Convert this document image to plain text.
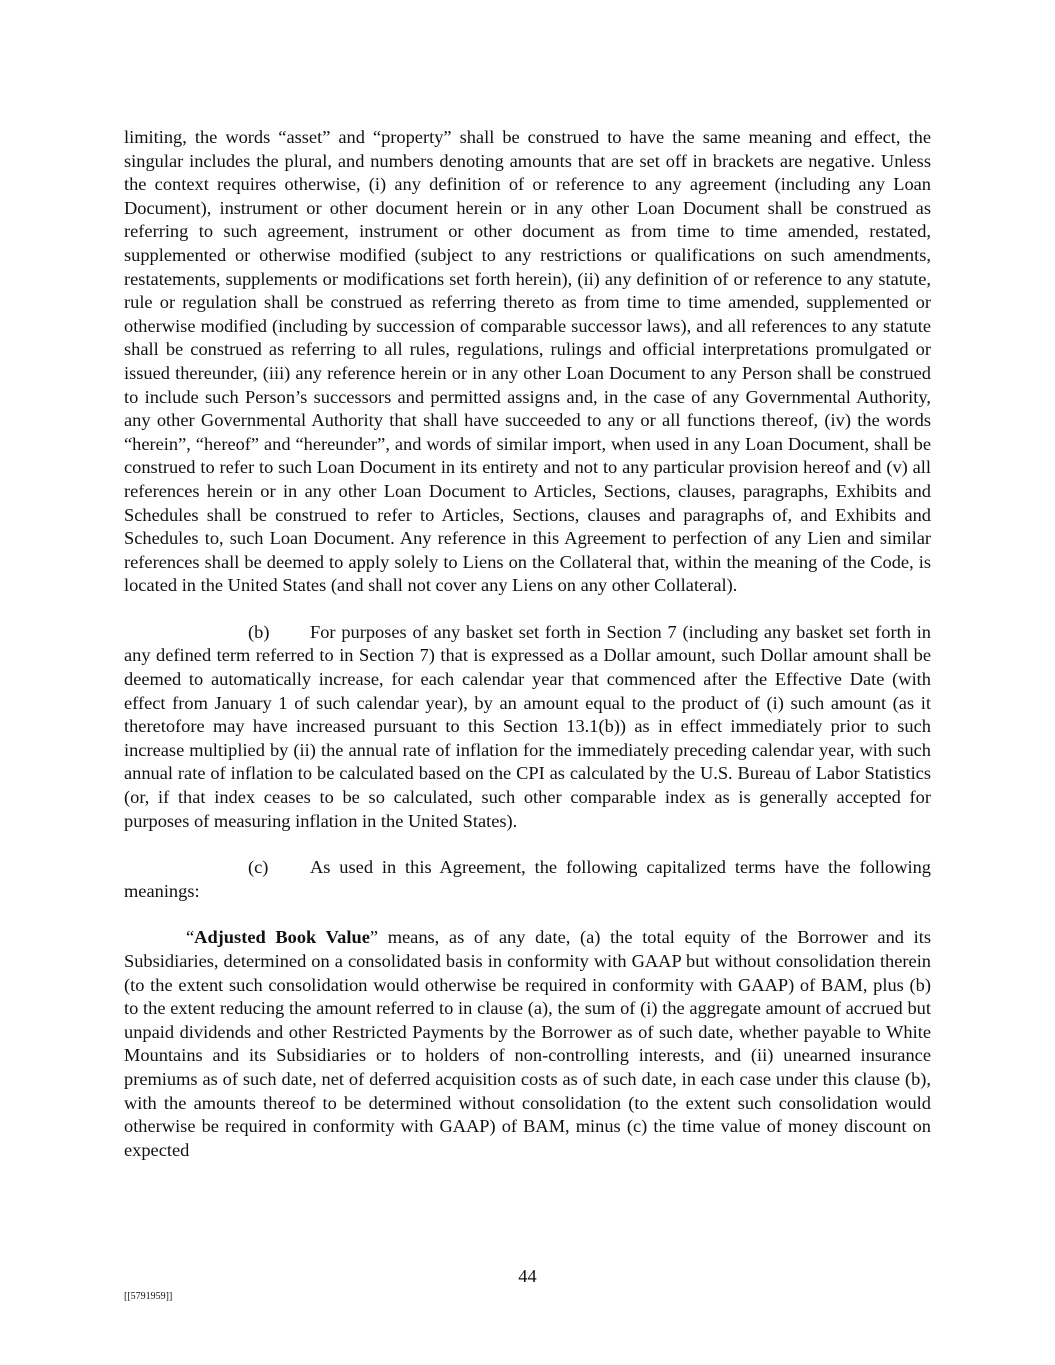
limiting, the words “asset” and “property” shall be construed to have the same meaning and effect, the singular includes the plural, and numbers denoting amounts that are set off in brackets are negative. Unless the context requires otherwise, (i) any definition of or reference to any agreement (including any Loan Document), instrument or other document herein or in any other Loan Document shall be construed as referring to such agreement, instrument or other document as from time to time amended, restated, supplemented or otherwise modified (subject to any restrictions or qualifications on such amendments, restatements, supplements or modifications set forth herein), (ii) any definition of or reference to any statute, rule or regulation shall be construed as referring thereto as from time to time amended, supplemented or otherwise modified (including by succession of comparable successor laws), and all references to any statute shall be construed as referring to all rules, regulations, rulings and official interpretations promulgated or issued thereunder, (iii) any reference herein or in any other Loan Document to any Person shall be construed to include such Person’s successors and permitted assigns and, in the case of any Governmental Authority, any other Governmental Authority that shall have succeeded to any or all functions thereof, (iv) the words “herein”, “hereof” and “hereunder”, and words of similar import, when used in any Loan Document, shall be construed to refer to such Loan Document in its entirety and not to any particular provision hereof and (v) all references herein or in any other Loan Document to Articles, Sections, clauses, paragraphs, Exhibits and Schedules shall be construed to refer to Articles, Sections, clauses and paragraphs of, and Exhibits and Schedules to, such Loan Document. Any reference in this Agreement to perfection of any Lien and similar references shall be deemed to apply solely to Liens on the Collateral that, within the meaning of the Code, is located in the United States (and shall not cover any Liens on any other Collateral).

(b) For purposes of any basket set forth in Section 7 (including any basket set forth in any defined term referred to in Section 7) that is expressed as a Dollar amount, such Dollar amount shall be deemed to automatically increase, for each calendar year that commenced after the Effective Date (with effect from January 1 of such calendar year), by an amount equal to the product of (i) such amount (as it theretofore may have increased pursuant to this Section 13.1(b)) as in effect immediately prior to such increase multiplied by (ii) the annual rate of inflation for the immediately preceding calendar year, with such annual rate of inflation to be calculated based on the CPI as calculated by the U.S. Bureau of Labor Statistics (or, if that index ceases to be so calculated, such other comparable index as is generally accepted for purposes of measuring inflation in the United States).

(c) As used in this Agreement, the following capitalized terms have the following meanings:

“Adjusted Book Value” means, as of any date, (a) the total equity of the Borrower and its Subsidiaries, determined on a consolidated basis in conformity with GAAP but without consolidation therein (to the extent such consolidation would otherwise be required in conformity with GAAP) of BAM, plus (b) to the extent reducing the amount referred to in clause (a), the sum of (i) the aggregate amount of accrued but unpaid dividends and other Restricted Payments by the Borrower as of such date, whether payable to White Mountains and its Subsidiaries or to holders of non-controlling interests, and (ii) unearned insurance premiums as of such date, net of deferred acquisition costs as of such date, in each case under this clause (b), with the amounts thereof to be determined without consolidation (to the extent such consolidation would otherwise be required in conformity with GAAP) of BAM, minus (c) the time value of money discount on expected

44
[[5791959]]
